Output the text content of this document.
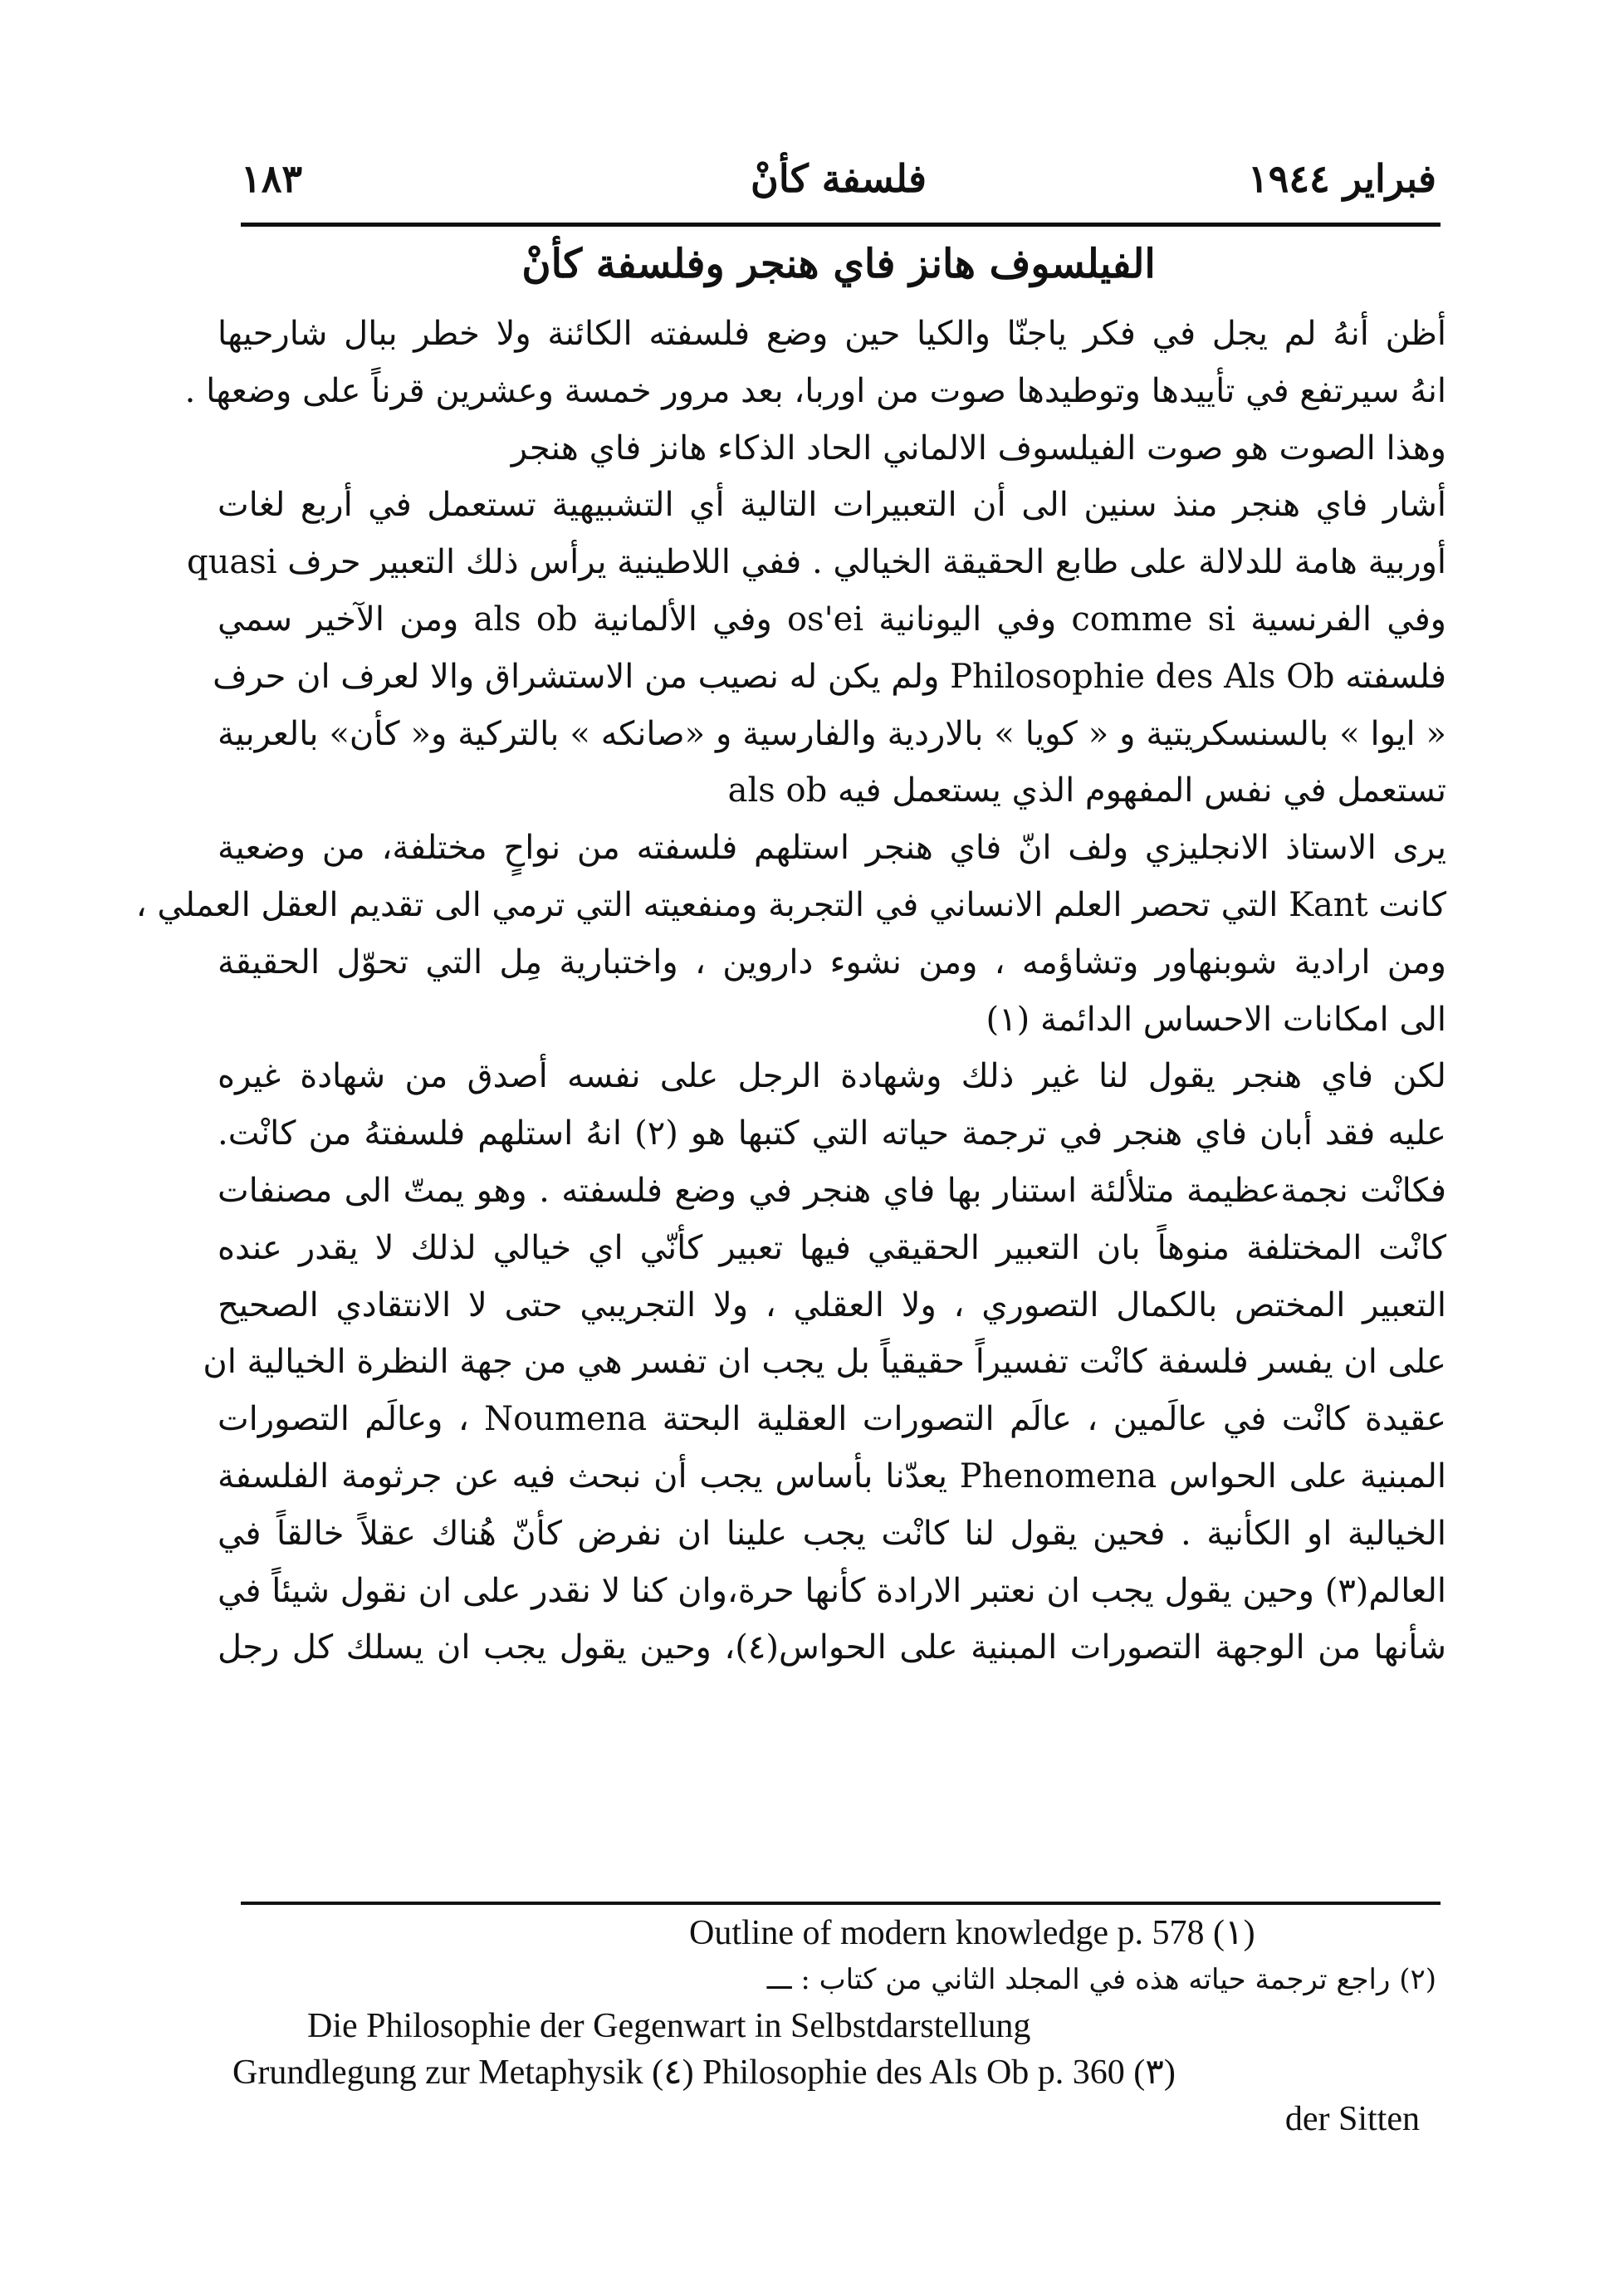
فبراير ١٩٤٤
فلسفة كأنْ
١٨٣
الفيلسوف هانز فاي هنجر وفلسفة كأنْ
أظن أنهُ لم يجل في فكر ياجنّا والكيا حين وضع فلسفته الكائنة ولا خطر ببال شارحيها
انهُ سيرتفع في تأييدها وتوطيدها صوت من اوربا، بعد مرور خمسة وعشرين قرناً على وضعها .
وهذا الصوت هو صوت الفيلسوف الالماني الحاد الذكاء هانز فاي هنجر
أشار فاي هنجر منذ سنين الى أن التعبيرات التالية أي التشبيهية تستعمل في أربع لغات
أوربية هامة للدلالة على طابع الحقيقة الخيالي . ففي اللاطينية يرأس ذلك التعبير حرف quasi
وفي الفرنسية comme si وفي اليونانية os'ei وفي الألمانية als ob ومن الآخير سمي
فلسفته Philosophie des Als Ob ولم يكن له نصيب من الاستشراق والا لعرف ان حرف
« ايوا » بالسنسكريتية و « كويا » بالاردية والفارسية و «صانكه » بالتركية و« كأن» بالعربية
تستعمل في نفس المفهوم الذي يستعمل فيه als ob
يرى الاستاذ الانجليزي ولف انّ فاي هنجر استلهم فلسفته من نواحٍ مختلفة، من وضعية
كانت Kant التي تحصر العلم الانساني في التجربة ومنفعيته التي ترمي الى تقديم العقل العملي ،
ومن ارادية شوبنهاور وتشاؤمه ، ومن نشوء داروين ، واختبارية مِل التي تحوّل الحقيقة
الى امكانات الاحساس الدائمة (١)
لكن فاي هنجر يقول لنا غير ذلك وشهادة الرجل على نفسه أصدق من شهادة غيره
عليه فقد أبان فاي هنجر في ترجمة حياته التي كتبها هو (٢) انهُ استلهم فلسفتهُ من كانْت.
فكانْت نجمةعظيمة متلألئة استنار بها فاي هنجر في وضع فلسفته . وهو يمتّ الى مصنفات
كانْت المختلفة منوهاً بان التعبير الحقيقي فيها تعبير كأنّي اي خيالي لذلك لا يقدر عنده
التعبير المختص بالكمال التصوري ، ولا العقلي ، ولا التجريبي حتى لا الانتقادي الصحيح
على ان يفسر فلسفة كانْت تفسيراً حقيقياً بل يجب ان تفسر هي من جهة النظرة الخيالية ان
عقيدة كانْت في عالَمين ، عالَم التصورات العقلية البحتة Noumena ، وعالَم التصورات
المبنية على الحواس Phenomena يعدّنا بأساس يجب أن نبحث فيه عن جرثومة الفلسفة
الخيالية او الكأنية . فحين يقول لنا كانْت يجب علينا ان نفرض كأنّ هُناك عقلاً خالقاً في
العالم(٣) وحين يقول يجب ان نعتبر الارادة كأنها حرة،وان كنا لا نقدر على ان نقول شيئاً في
شأنها من الوجهة التصورات المبنية على الحواس(٤)، وحين يقول يجب ان يسلك كل رجل
Outline of modern knowledge p. 578 (١)
(٢) راجع ترجمة حياته هذه في المجلد الثاني من كتاب : ـــ
Die Philosophie der Gegenwart in Selbstdarstellung
Grundlegung zur Metaphysik (٤) Philosophie des Als Ob p. 360 (٣)
der Sitten
